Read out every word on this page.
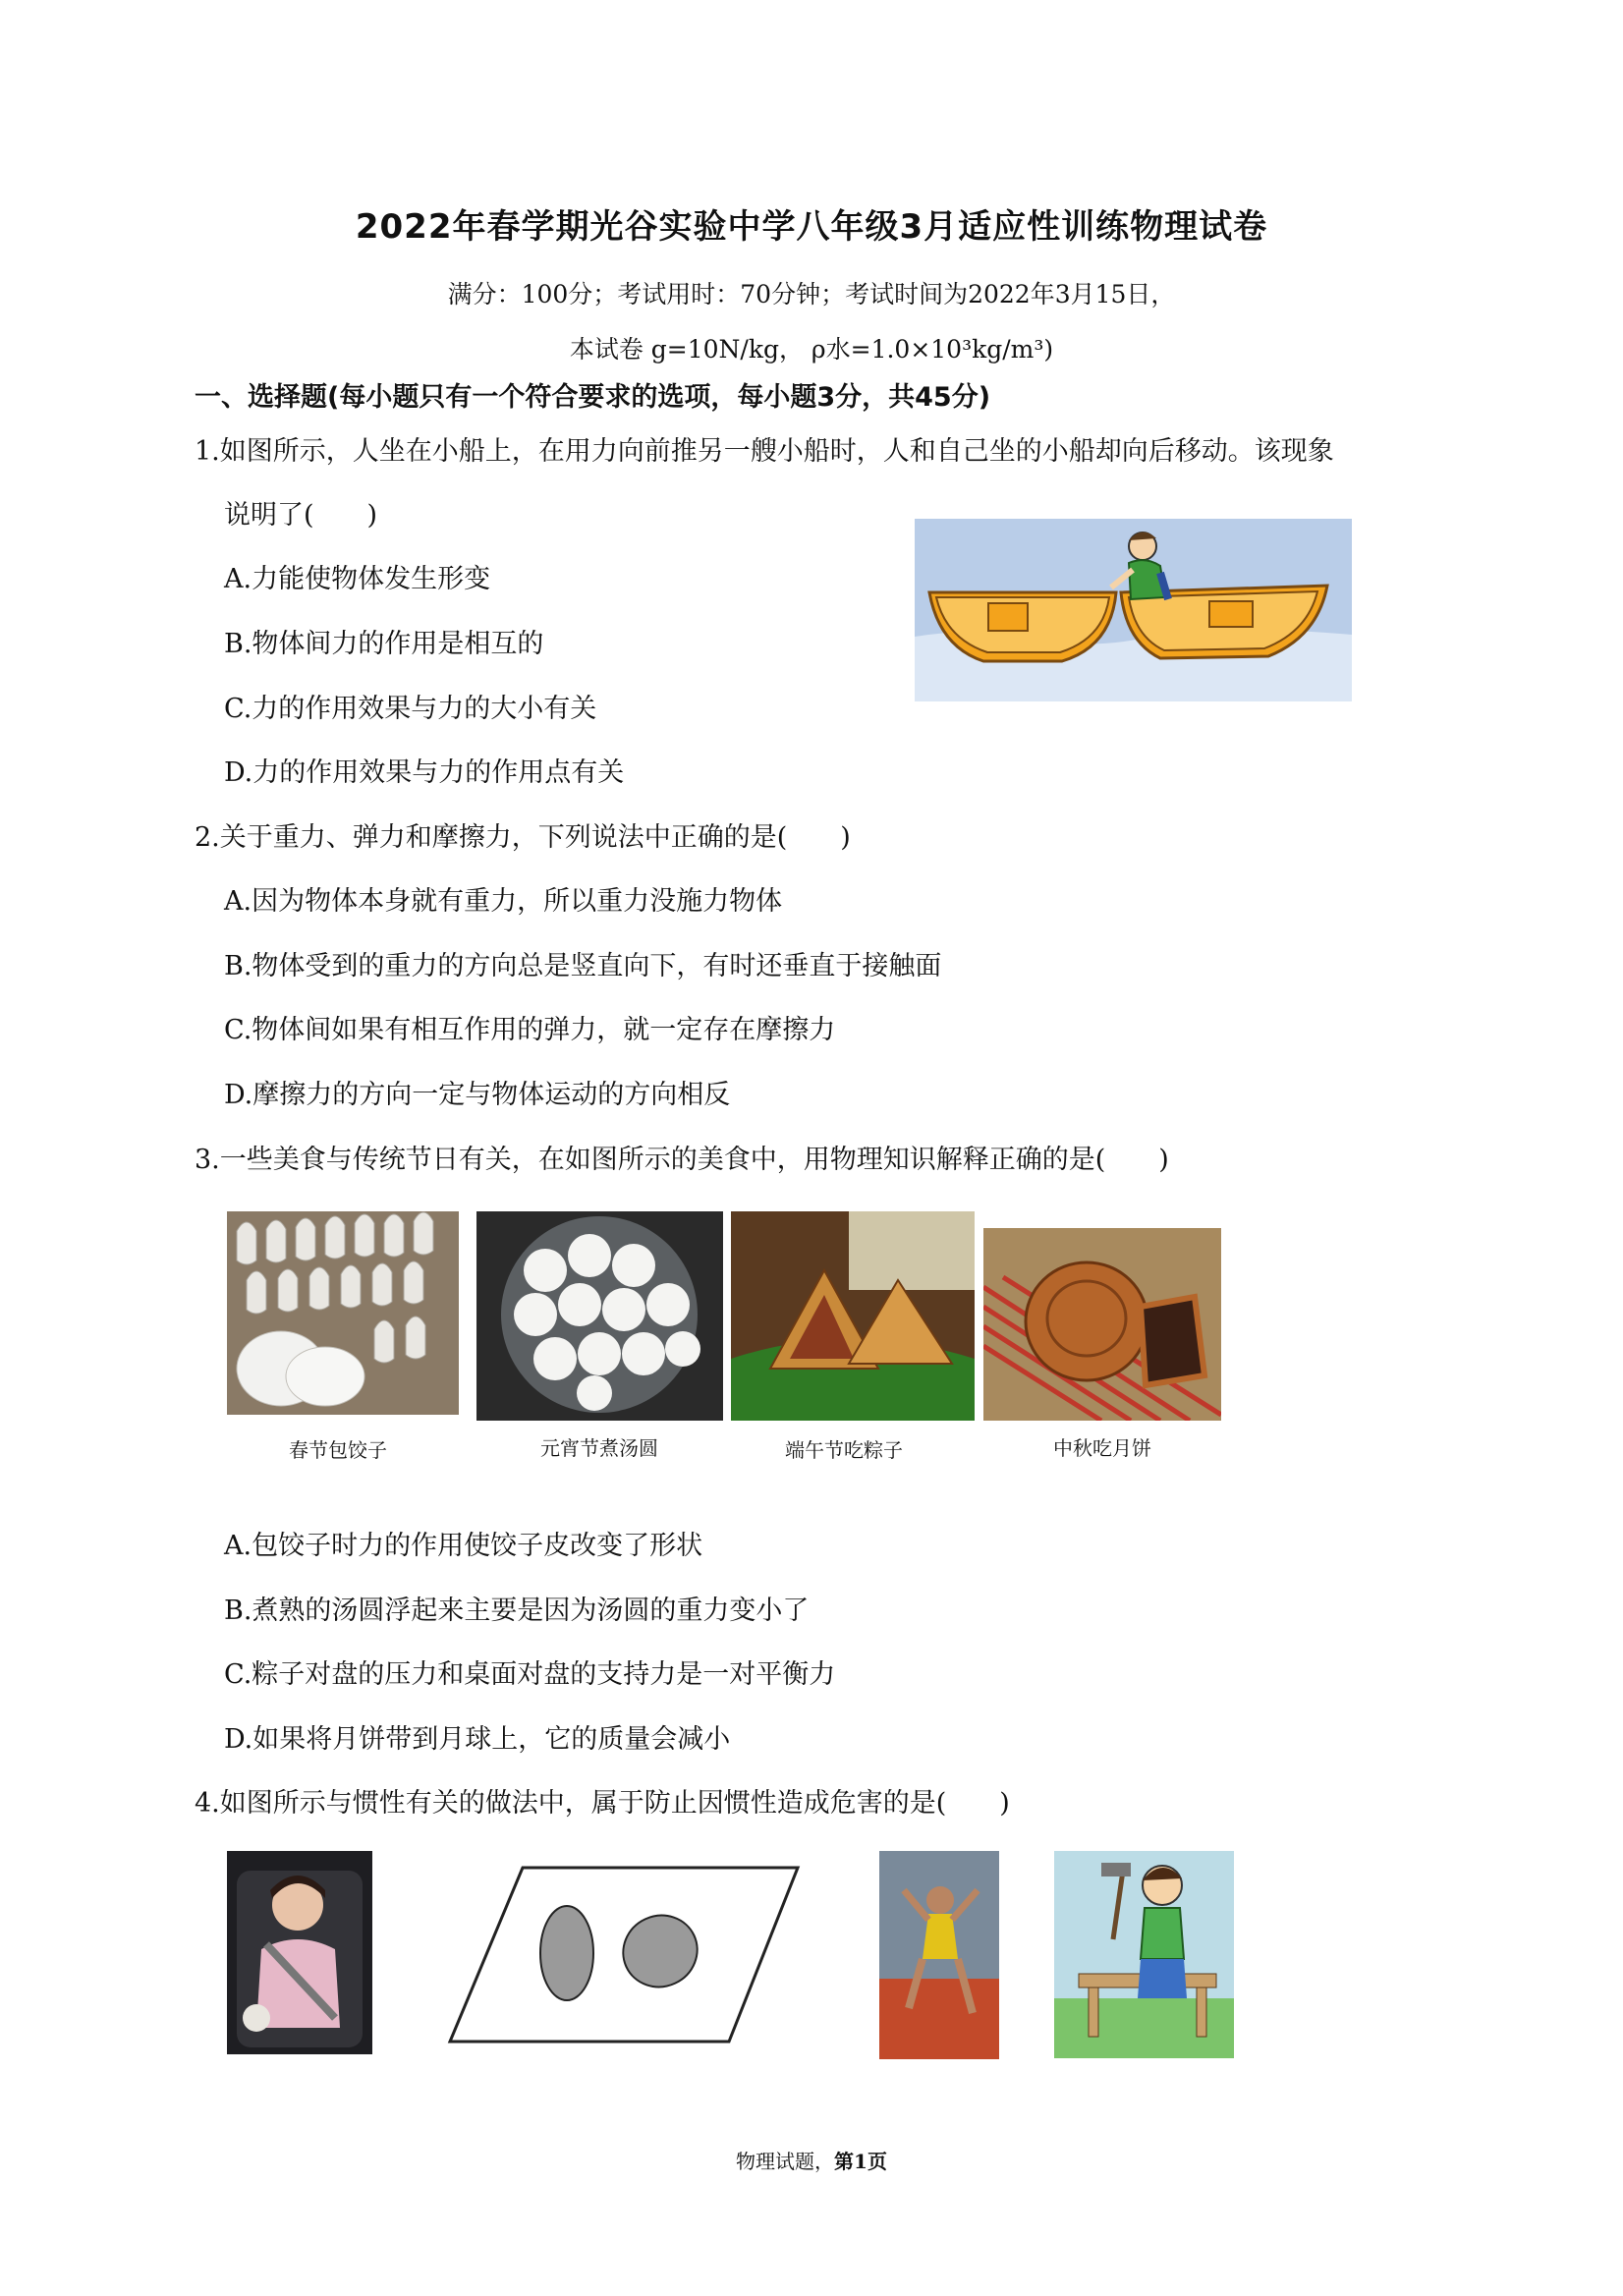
2022年春学期光谷实验中学八年级3月适应性训练物理试卷
满分：100分；考试用时：70分钟；考试时间为2022年3月15日，
本试卷 g=10N/kg， ρ水=1.0×10³kg/m³)
一、选择题(每小题只有一个符合要求的选项，每小题3分，共45分)
1.如图所示，人坐在小船上，在用力向前推另一艘小船时，人和自己坐的小船却向后移动。该现象
说明了(　　)
A.力能使物体发生形变
B.物体间力的作用是相互的
C.力的作用效果与力的大小有关
D.力的作用效果与力的作用点有关
2.关于重力、弹力和摩擦力，下列说法中正确的是(　　)
A.因为物体本身就有重力，所以重力没施力物体
B.物体受到的重力的方向总是竖直向下，有时还垂直于接触面
C.物体间如果有相互作用的弹力，就一定存在摩擦力
D.摩擦力的方向一定与物体运动的方向相反
3.一些美食与传统节日有关，在如图所示的美食中，用物理知识解释正确的是(　　)
春节包饺子	元宵节煮汤圆	端午节吃粽子	中秋吃月饼
A.包饺子时力的作用使饺子皮改变了形状
B.煮熟的汤圆浮起来主要是因为汤圆的重力变小了
C.粽子对盘的压力和桌面对盘的支持力是一对平衡力
D.如果将月饼带到月球上，它的质量会减小
4.如图所示与惯性有关的做法中，属于防止因惯性造成危害的是(　　)
物理试题，第1页
